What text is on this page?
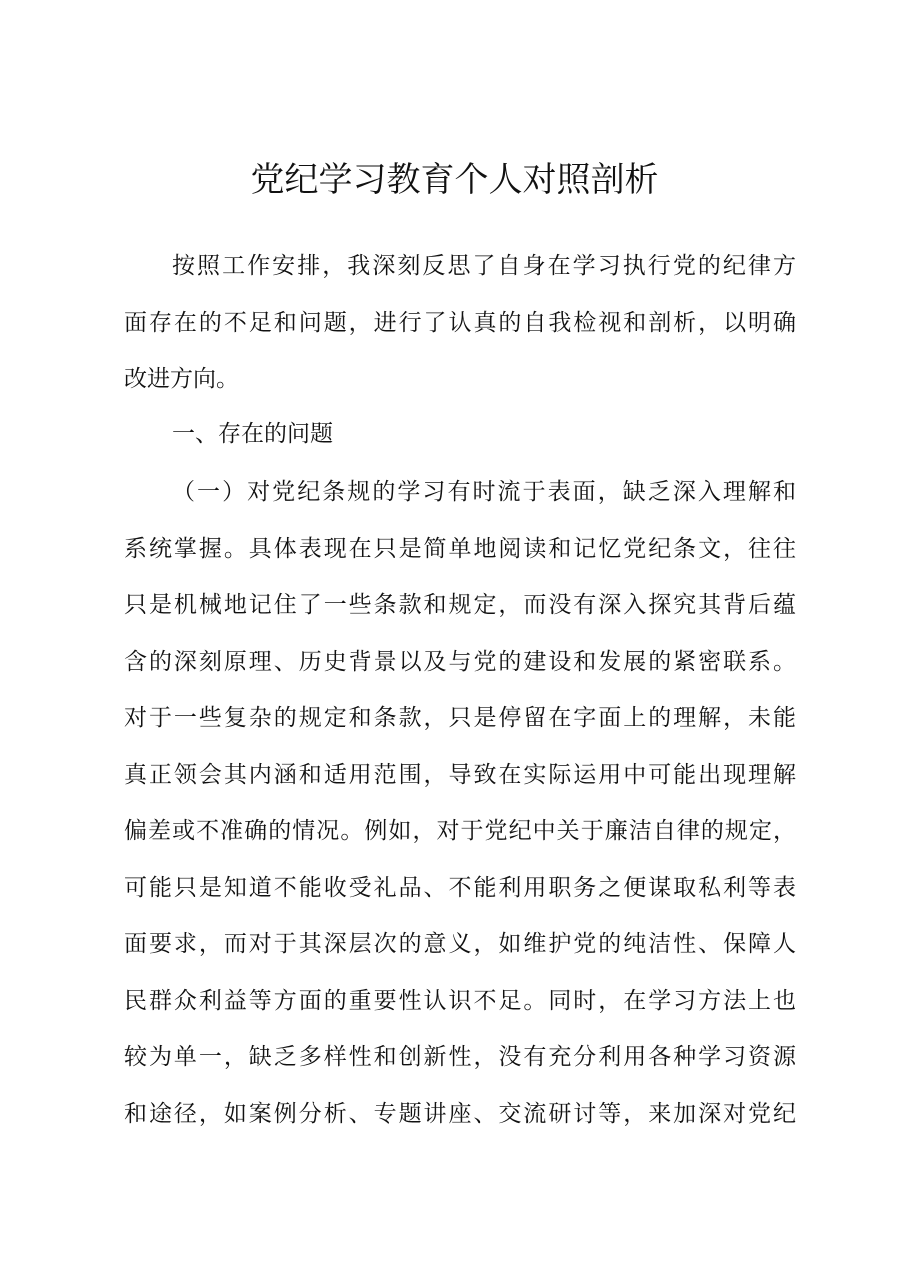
党纪学习教育个人对照剖析
按照工作安排，我深刻反思了自身在学习执行党的纪律方
面存在的不足和问题，进行了认真的自我检视和剖析，以明确
改进方向。
一、存在的问题
（一）对党纪条规的学习有时流于表面，缺乏深入理解和
系统掌握。具体表现在只是简单地阅读和记忆党纪条文，往往
只是机械地记住了一些条款和规定，而没有深入探究其背后蕴
含的深刻原理、历史背景以及与党的建设和发展的紧密联系。
对于一些复杂的规定和条款，只是停留在字面上的理解，未能
真正领会其内涵和适用范围，导致在实际运用中可能出现理解
偏差或不准确的情况。例如，对于党纪中关于廉洁自律的规定，
可能只是知道不能收受礼品、不能利用职务之便谋取私利等表
面要求，而对于其深层次的意义，如维护党的纯洁性、保障人
民群众利益等方面的重要性认识不足。同时，在学习方法上也
较为单一，缺乏多样性和创新性，没有充分利用各种学习资源
和途径，如案例分析、专题讲座、交流研讨等，来加深对党纪
